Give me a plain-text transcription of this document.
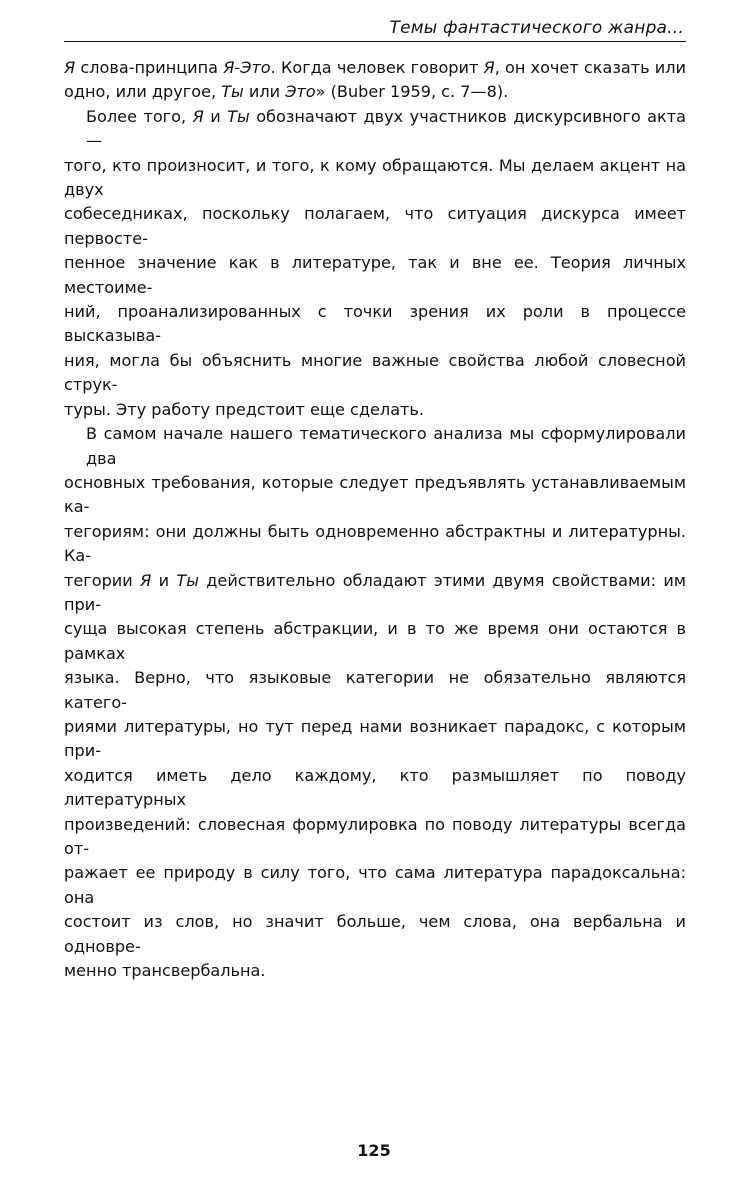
Темы фантастического жанра...
Я слова-принципа Я-Это. Когда человек говорит Я, он хочет сказать или
одно, или другое, Ты или Это» (Buber 1959, с. 7—8).
Более того, Я и Ты обозначают двух участников дискурсивного акта —
того, кто произносит, и того, к кому обращаются. Мы делаем акцент на двух
собеседниках, поскольку полагаем, что ситуация дискурса имеет первосте-
пенное значение как в литературе, так и вне ее. Теория личных местоиме-
ний, проанализированных с точки зрения их роли в процессе высказыва-
ния, могла бы объяснить многие важные свойства любой словесной струк-
туры. Эту работу предстоит еще сделать.
В самом начале нашего тематического анализа мы сформулировали два
основных требования, которые следует предъявлять устанавливаемым ка-
тегориям: они должны быть одновременно абстрактны и литературны. Ка-
тегории Я и Ты действительно обладают этими двумя свойствами: им при-
суща высокая степень абстракции, и в то же время они остаются в рамках
языка. Верно, что языковые категории не обязательно являются катего-
риями литературы, но тут перед нами возникает парадокс, с которым при-
ходится иметь дело каждому, кто размышляет по поводу литературных
произведений: словесная формулировка по поводу литературы всегда от-
ражает ее природу в силу того, что сама литература парадоксальна: она
состоит из слов, но значит больше, чем слова, она вербальна и одновре-
менно трансвербальна.
125
